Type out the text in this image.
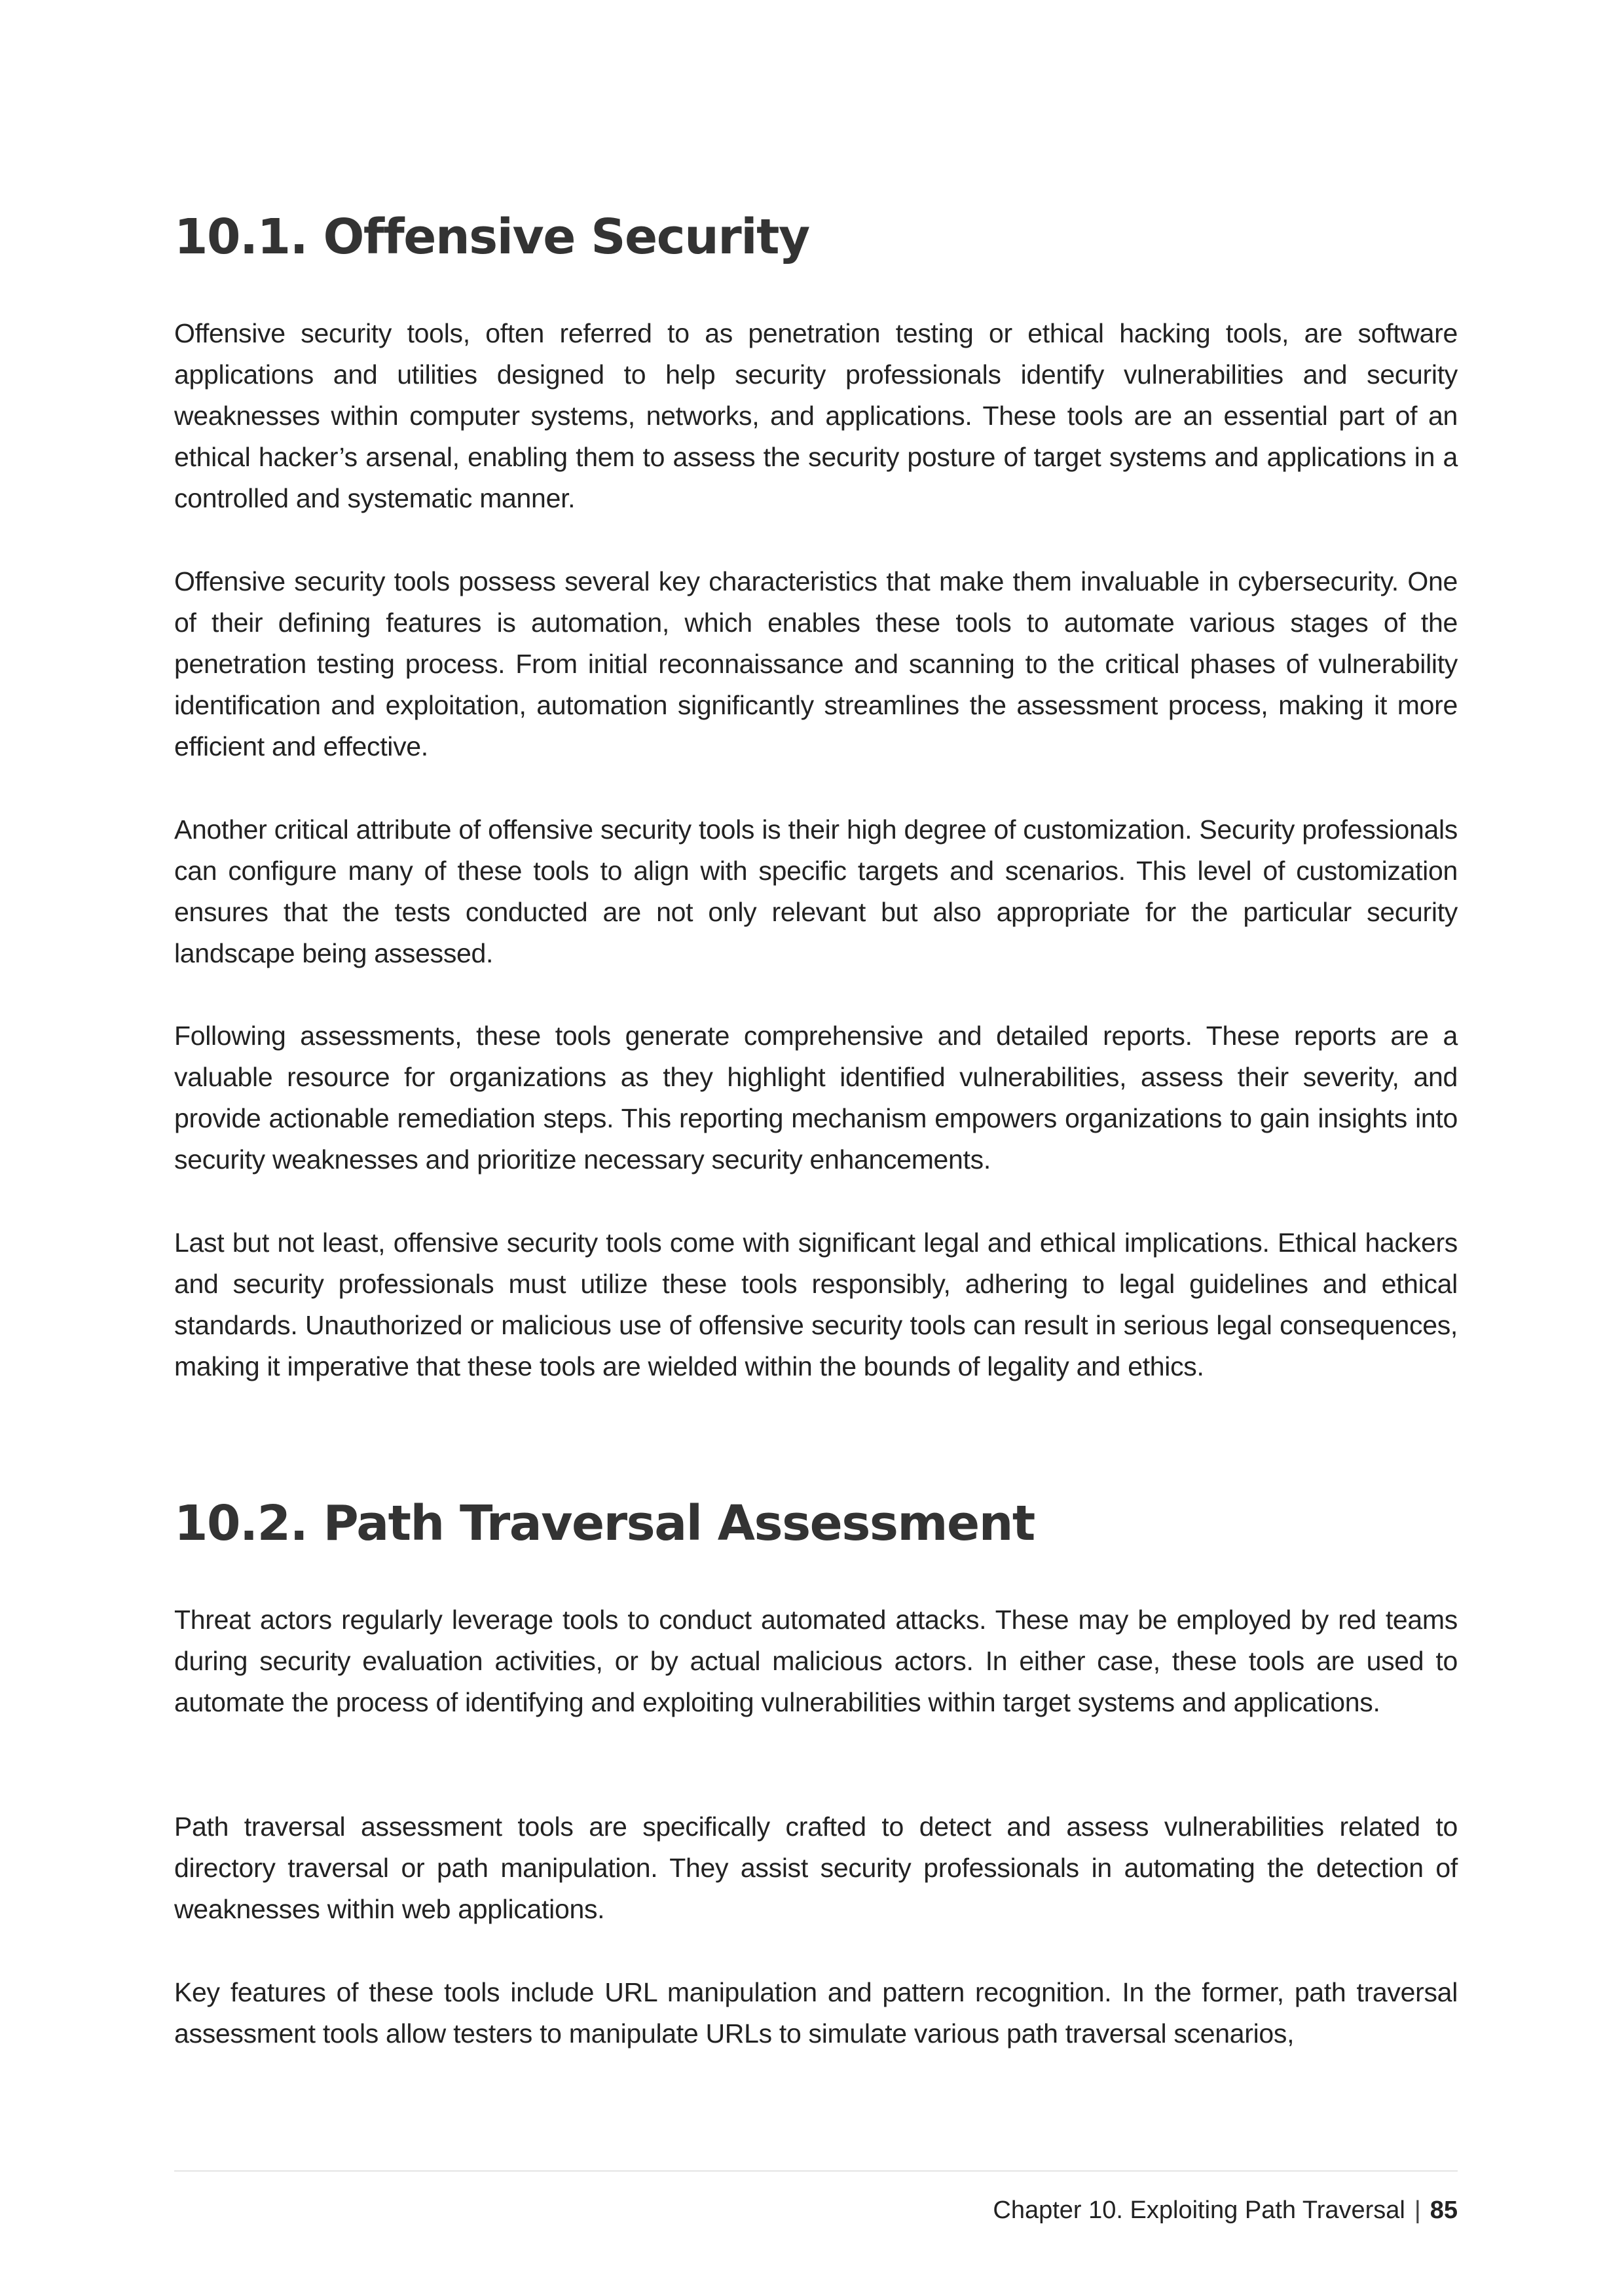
10.1. Offensive Security

Offensive security tools, often referred to as penetration testing or ethical hacking tools, are software applications and utilities designed to help security professionals identify vulnerabilities and security weaknesses within computer systems, networks, and applications. These tools are an essential part of an ethical hacker’s arsenal, enabling them to assess the security posture of target systems and applications in a controlled and systematic manner.

Offensive security tools possess several key characteristics that make them invaluable in cybersecurity. One of their defining features is automation, which enables these tools to automate various stages of the penetration testing process. From initial reconnaissance and scanning to the critical phases of vulnerability identification and exploitation, automation significantly streamlines the assessment process, making it more efficient and effective.

Another critical attribute of offensive security tools is their high degree of customization. Security professionals can configure many of these tools to align with specific targets and scenarios. This level of customization ensures that the tests conducted are not only relevant but also appropriate for the particular security landscape being assessed.

Following assessments, these tools generate comprehensive and detailed reports. These reports are a valuable resource for organizations as they highlight identified vulnerabilities, assess their severity, and provide actionable remediation steps. This reporting mechanism empowers organizations to gain insights into security weaknesses and prioritize necessary security enhancements.

Last but not least, offensive security tools come with significant legal and ethical implications. Ethical hackers and security professionals must utilize these tools responsibly, adhering to legal guidelines and ethical standards. Unauthorized or malicious use of offensive security tools can result in serious legal consequences, making it imperative that these tools are wielded within the bounds of legality and ethics.

10.2. Path Traversal Assessment

Threat actors regularly leverage tools to conduct automated attacks. These may be employed by red teams during security evaluation activities, or by actual malicious actors. In either case, these tools are used to automate the process of identifying and exploiting vulnerabilities within target systems and applications.

Path traversal assessment tools are specifically crafted to detect and assess vulnerabilities related to directory traversal or path manipulation. They assist security professionals in automating the detection of weaknesses within web applications.

Key features of these tools include URL manipulation and pattern recognition. In the former, path traversal assessment tools allow testers to manipulate URLs to simulate various path traversal scenarios,

Chapter 10. Exploiting Path Traversal | 85
